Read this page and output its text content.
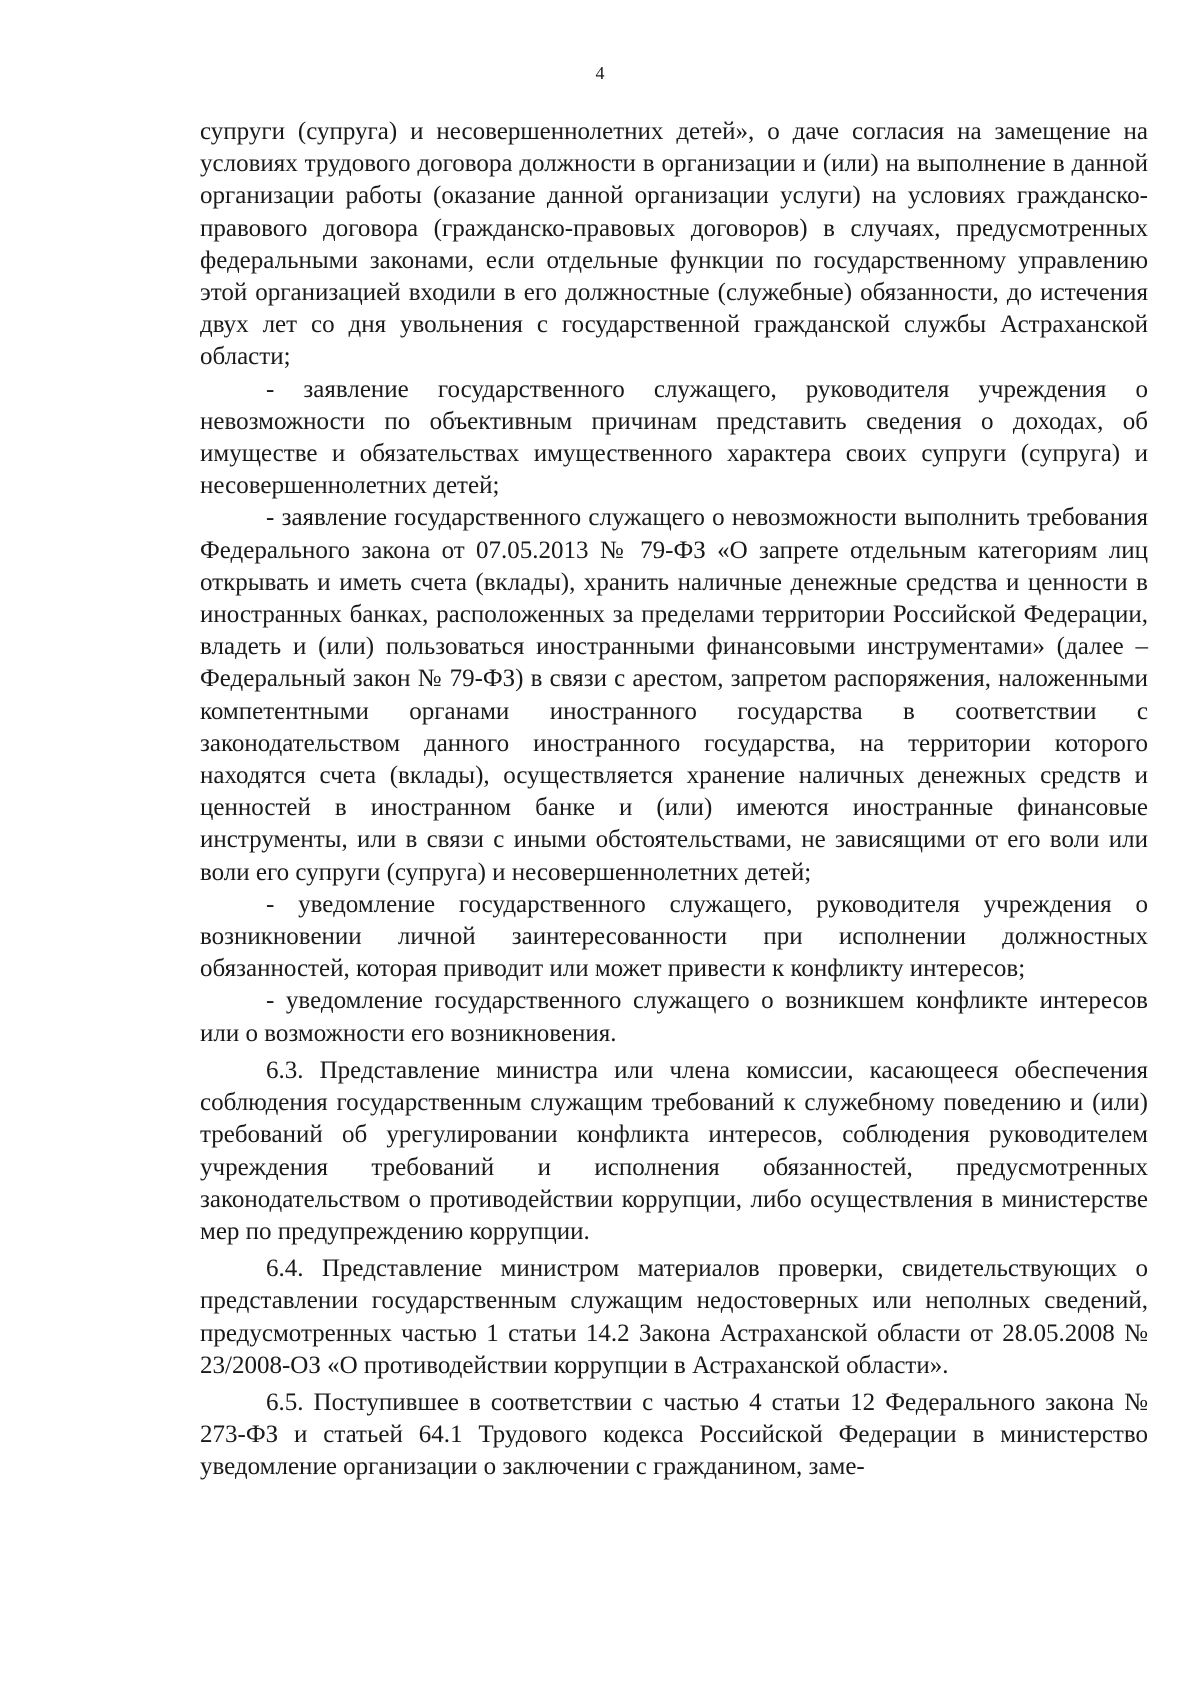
4

супруги (супруга) и несовершеннолетних детей», о даче согласия на замещение на условиях трудового договора должности в организации и (или) на выполнение в данной организации работы (оказание данной организации услуги) на условиях гражданско-правового договора (гражданско-правовых договоров) в случаях, предусмотренных федеральными законами, если отдельные функции по государственному управлению этой организацией входили в его должностные (служебные) обязанности, до истечения двух лет со дня увольнения с государственной гражданской службы Астраханской области;

- заявление государственного служащего, руководителя учреждения о невозможности по объективным причинам представить сведения о доходах, об имуществе и обязательствах имущественного характера своих супруги (супруга) и несовершеннолетних детей;

- заявление государственного служащего о невозможности выполнить требования Федерального закона от 07.05.2013 № 79-ФЗ «О запрете отдельным категориям лиц открывать и иметь счета (вклады), хранить наличные денежные средства и ценности в иностранных банках, расположенных за пределами территории Российской Федерации, владеть и (или) пользоваться иностранными финансовыми инструментами» (далее – Федеральный закон № 79-ФЗ) в связи с арестом, запретом распоряжения, наложенными компетентными органами иностранного государства в соответствии с законодательством данного иностранного государства, на территории которого находятся счета (вклады), осуществляется хранение наличных денежных средств и ценностей в иностранном банке и (или) имеются иностранные финансовые инструменты, или в связи с иными обстоятельствами, не зависящими от его воли или воли его супруги (супруга) и несовершеннолетних детей;

- уведомление государственного служащего, руководителя учреждения о возникновении личной заинтересованности при исполнении должностных обязанностей, которая приводит или может привести к конфликту интересов;

- уведомление государственного служащего о возникшем конфликте интересов или о возможности его возникновения.

6.3. Представление министра или члена комиссии, касающееся обеспечения соблюдения государственным служащим требований к служебному поведению и (или) требований об урегулировании конфликта интересов, соблюдения руководителем учреждения требований и исполнения обязанностей, предусмотренных законодательством о противодействии коррупции, либо осуществления в министерстве мер по предупреждению коррупции.

6.4. Представление министром материалов проверки, свидетельствующих о представлении государственным служащим недостоверных или неполных сведений, предусмотренных частью 1 статьи 14.2 Закона Астраханской области от 28.05.2008 № 23/2008-ОЗ «О противодействии коррупции в Астраханской области».

6.5. Поступившее в соответствии с частью 4 статьи 12 Федерального закона № 273-ФЗ и статьей 64.1 Трудового кодекса Российской Федерации в министерство уведомление организации о заключении с гражданином, заме-
